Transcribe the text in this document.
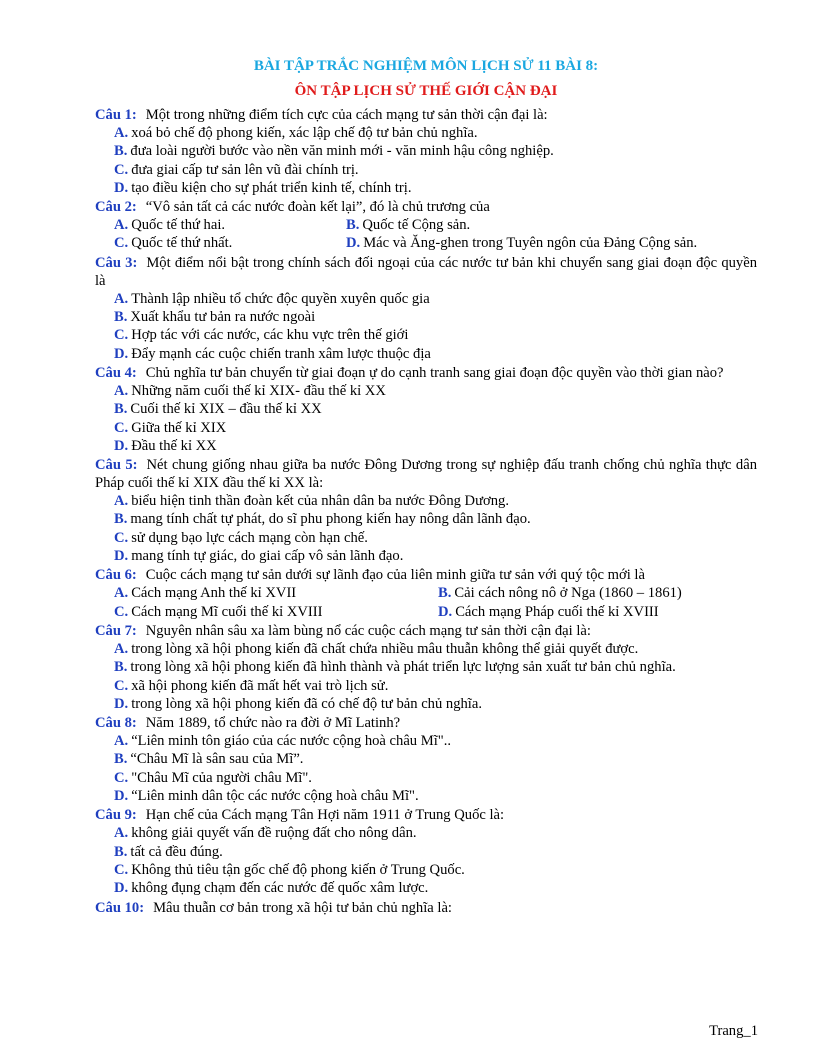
BÀI TẬP TRẮC NGHIỆM MÔN LỊCH SỬ 11 BÀI 8:
ÔN TẬP LỊCH SỬ THẾ GIỚI CẬN ĐẠI
Câu 1: Một trong những điểm tích cực của cách mạng tư sản thời cận đại là:
A. xoá bỏ chế độ phong kiến, xác lập chế độ tư bản chủ nghĩa.
B. đưa loài người bước vào nền văn minh mới - văn minh hậu công nghiệp.
C. đưa giai cấp tư sản lên vũ đài chính trị.
D. tạo điều kiện cho sự phát triển kinh tế, chính trị.
Câu 2: “Vô sản tất cả các nước đoàn kết lại”, đó là chủ trương của
A. Quốc tế thứ hai.	B. Quốc tế Cộng sản.
C. Quốc tế thứ nhất.	D. Mác và Ăng-ghen trong Tuyên ngôn của Đảng Cộng sản.
Câu 3: Một điểm nổi bật trong chính sách đối ngoại của các nước tư bản khi chuyển sang giai đoạn độc quyền là
A. Thành lập nhiều tổ chức độc quyền xuyên quốc gia
B. Xuất khẩu tư bản ra nước ngoài
C. Hợp tác với các nước, các khu vực trên thế giới
D. Đẩy mạnh các cuộc chiến tranh xâm lược thuộc địa
Câu 4: Chủ nghĩa tư bản chuyển từ giai đoạn ự do cạnh tranh sang giai đoạn độc quyền vào thời gian nào?
A. Những năm cuối thế kỉ XIX- đầu thế kỉ XX
B. Cuối thế kỉ XIX – đầu thế kỉ XX
C. Giữa thế kỉ XIX
D. Đầu thế kỉ XX
Câu 5: Nét chung giống nhau giữa ba nước Đông Dương trong sự nghiệp đấu tranh chống chủ nghĩa thực dân Pháp cuối thế kỉ XIX đầu thế kỉ XX là:
A. biểu hiện tinh thần đoàn kết của nhân dân ba nước Đông Dương.
B. mang tính chất tự phát, do sĩ phu phong kiến hay nông dân lãnh đạo.
C. sử dụng bạo lực cách mạng còn hạn chế.
D. mang tính tự giác, do giai cấp vô sản lãnh đạo.
Câu 6: Cuộc cách mạng tư sản dưới sự lãnh đạo của liên minh giữa tư sản với quý tộc mới là
A. Cách mạng Anh thế kỉ XVII	B. Cải cách nông nô ở Nga (1860 – 1861)
C. Cách mạng Mĩ cuối thế kỉ XVIII	D. Cách mạng Pháp cuối thế kỉ XVIII
Câu 7: Nguyên nhân sâu xa làm bùng nổ các cuộc cách mạng tư sản thời cận đại là:
A. trong lòng xã hội phong kiến đã chất chứa nhiều mâu thuẫn không thể giải quyết được.
B. trong lòng xã hội phong kiến đã hình thành và phát triển lực lượng sản xuất tư bản chủ nghĩa.
C. xã hội phong kiến đã mất hết vai trò lịch sử.
D. trong lòng xã hội phong kiến đã có chế độ tư bản chủ nghĩa.
Câu 8: Năm 1889, tổ chức nào ra đời ở Mĩ Latinh?
A. “Liên minh tôn giáo của các nước cộng hoà châu Mĩ"..
B. “Châu Mĩ là sân sau của Mĩ”.
C. "Châu Mĩ của người châu Mĩ".
D. “Liên minh dân tộc các nước cộng hoà châu Mĩ".
Câu 9: Hạn chế của Cách mạng Tân Hợi năm 1911 ở Trung Quốc là:
A. không giải quyết vấn đề ruộng đất cho nông dân.
B. tất cả đều đúng.
C. Không thủ tiêu tận gốc chế độ phong kiến ở Trung Quốc.
D. không đụng chạm đến các nước đế quốc xâm lược.
Câu 10: Mâu thuẫn cơ bản trong xã hội tư bản chủ nghĩa là:
Trang_1
